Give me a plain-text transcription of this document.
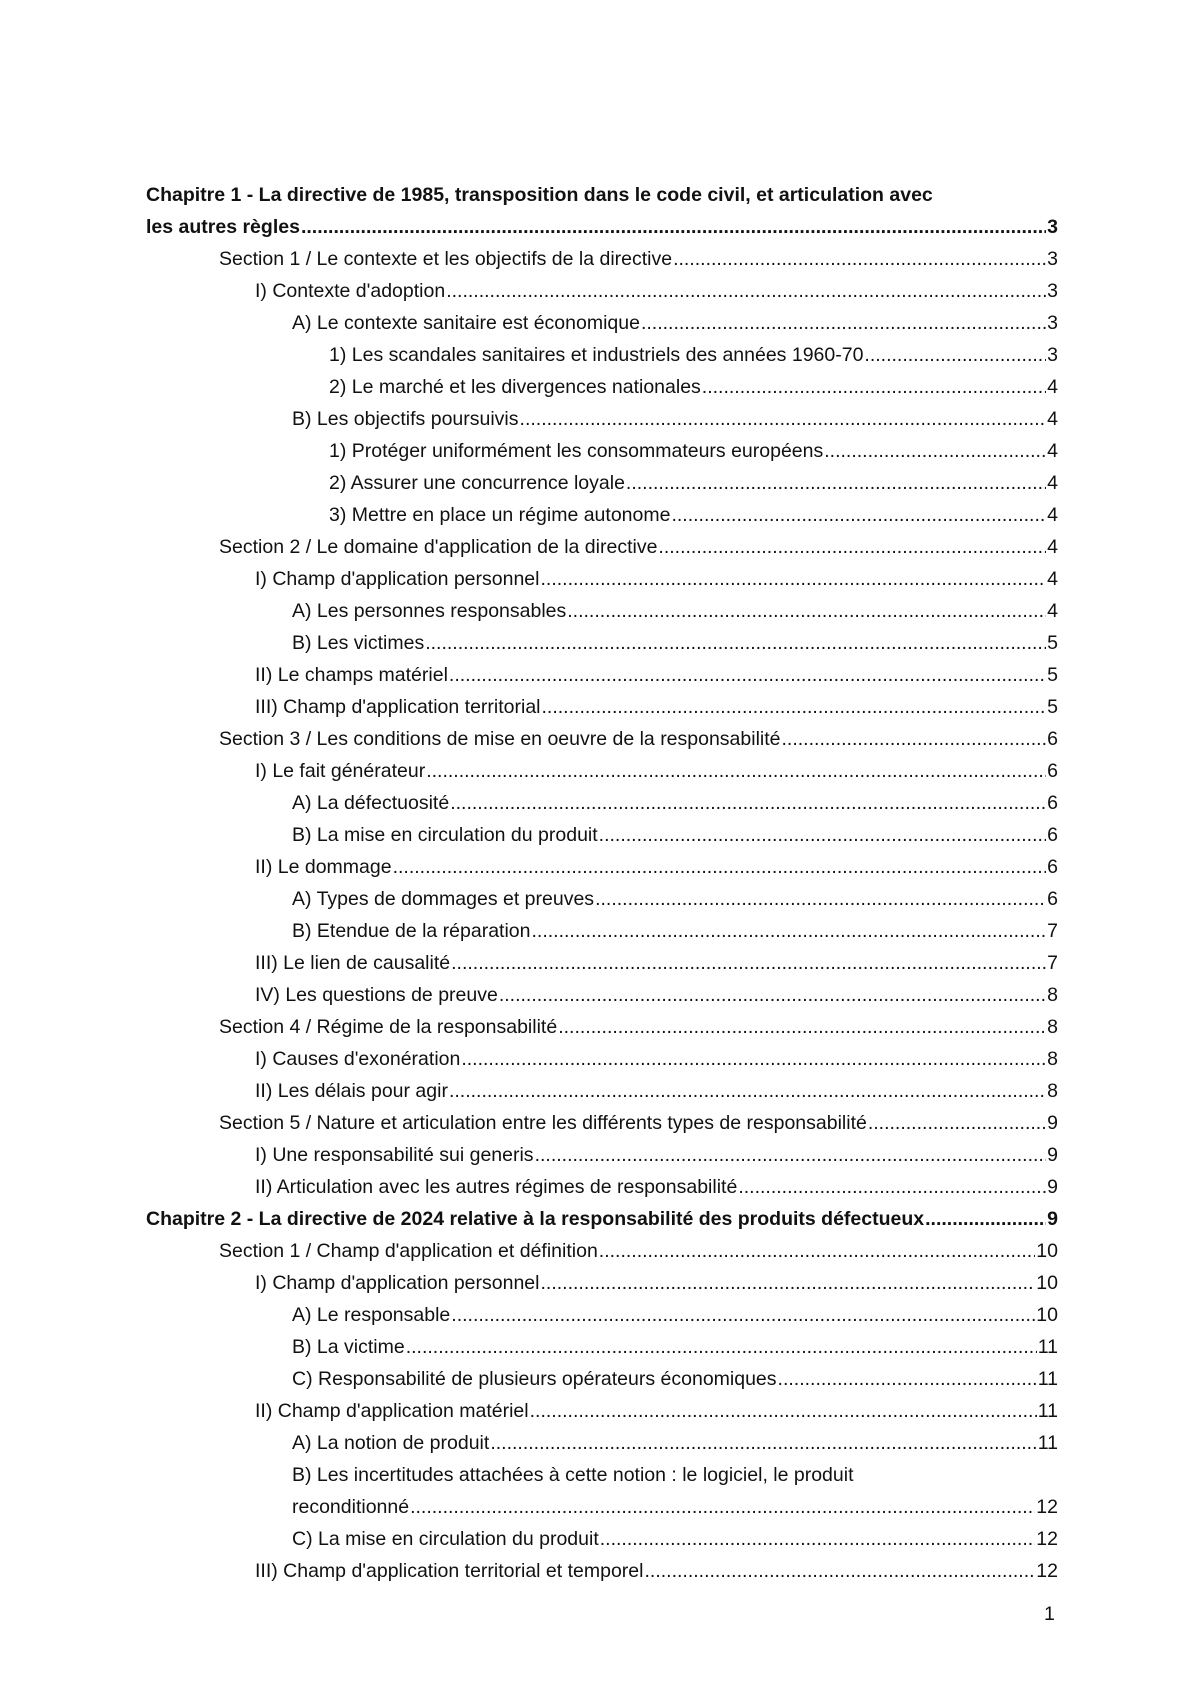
Chapitre 1 - La directive de 1985, transposition dans le code civil, et articulation avec
les autres règles .....	3
Section 1 / Le contexte et les objectifs de la directive .....	3
I) Contexte d'adoption .....	3
A) Le contexte sanitaire est économique .....	3
1) Les scandales sanitaires et industriels des années 1960-70 .....	3
2) Le marché et les divergences nationales .....	4
B) Les objectifs poursuivis .....	4
1) Protéger uniformément les consommateurs européens .....	4
2) Assurer une concurrence loyale .....	4
3) Mettre en place un régime autonome .....	4
Section 2 / Le domaine d'application de la directive .....	4
I) Champ d'application personnel .....	4
A) Les personnes responsables .....	4
B) Les victimes .....	5
II) Le champs matériel .....	5
III) Champ d'application territorial .....	5
Section 3 / Les conditions de mise en oeuvre de la responsabilité .....	6
I) Le fait générateur .....	6
A) La défectuosité .....	6
B) La mise en circulation du produit .....	6
II) Le dommage .....	6
A) Types de dommages et preuves .....	6
B) Etendue de la réparation .....	7
III) Le lien de causalité .....	7
IV) Les questions de preuve .....	8
Section 4 / Régime de la responsabilité .....	8
I) Causes d'exonération .....	8
II) Les délais pour agir .....	8
Section 5 / Nature et articulation entre les différents types de responsabilité .....	9
I) Une responsabilité sui generis .....	9
II) Articulation avec les autres régimes de responsabilité .....	9
Chapitre 2 - La directive de 2024 relative à la responsabilité des produits défectueux .....	9
Section 1 / Champ d'application et définition .....	10
I) Champ d'application personnel .....	10
A) Le responsable .....	10
B) La victime .....	11
C) Responsabilité de plusieurs opérateurs économiques .....	11
II) Champ d'application matériel .....	11
A) La notion de produit .....	11
B) Les incertitudes attachées à cette notion : le logiciel, le produit
reconditionné .....	12
C) La mise en circulation du produit .....	12
III) Champ d'application territorial et temporel .....	12
1
